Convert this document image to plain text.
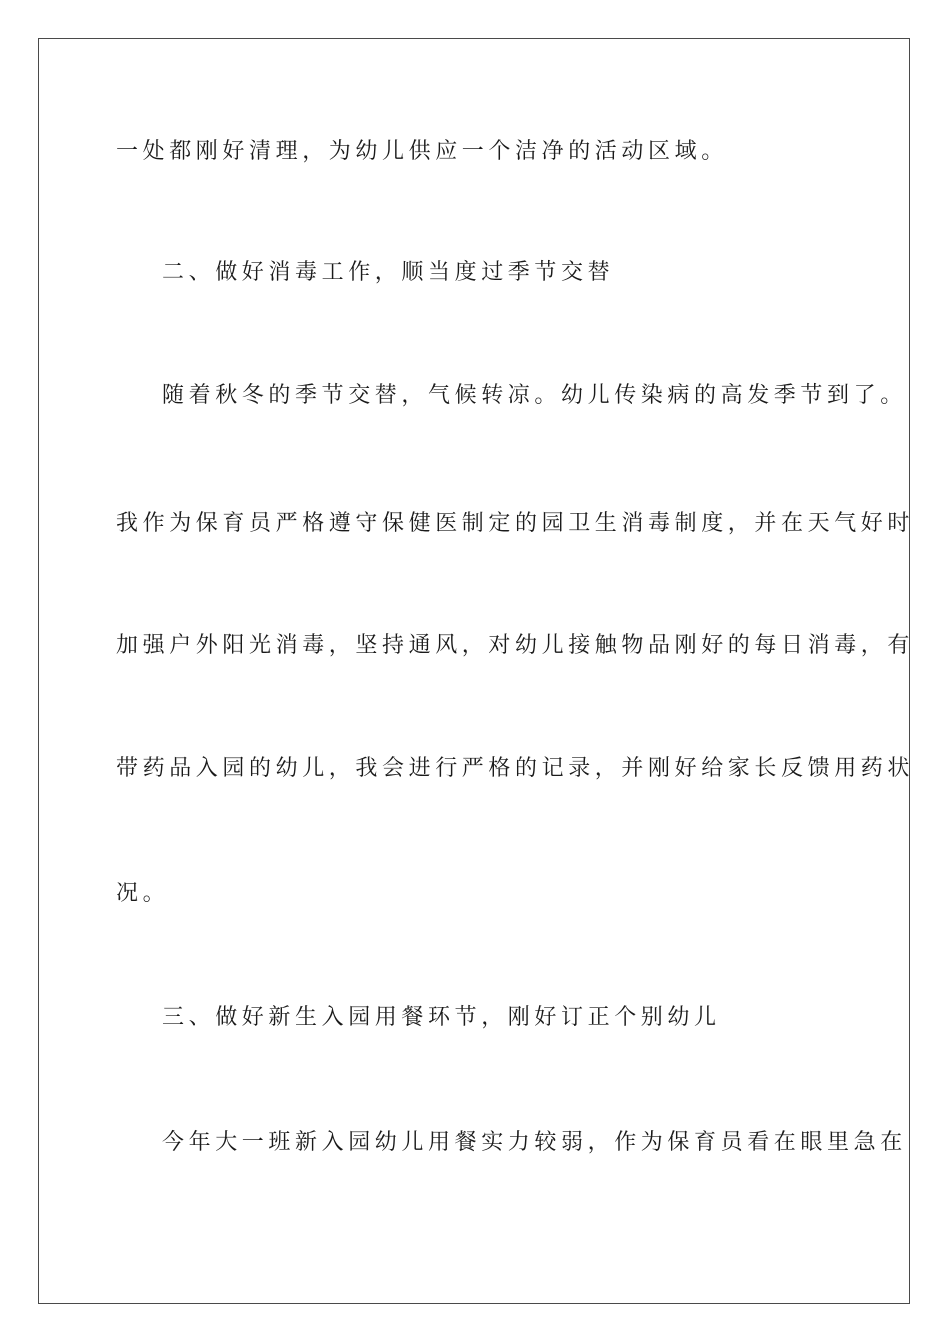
一处都刚好清理，为幼儿供应一个洁净的活动区域。

二、做好消毒工作，顺当度过季节交替

随着秋冬的季节交替，气候转凉。幼儿传染病的高发季节到了。

我作为保育员严格遵守保健医制定的园卫生消毒制度，并在天气好时

加强户外阳光消毒，坚持通风，对幼儿接触物品刚好的每日消毒，有

带药品入园的幼儿，我会进行严格的记录，并刚好给家长反馈用药状

况。

三、做好新生入园用餐环节，刚好订正个别幼儿

今年大一班新入园幼儿用餐实力较弱，作为保育员看在眼里急在
